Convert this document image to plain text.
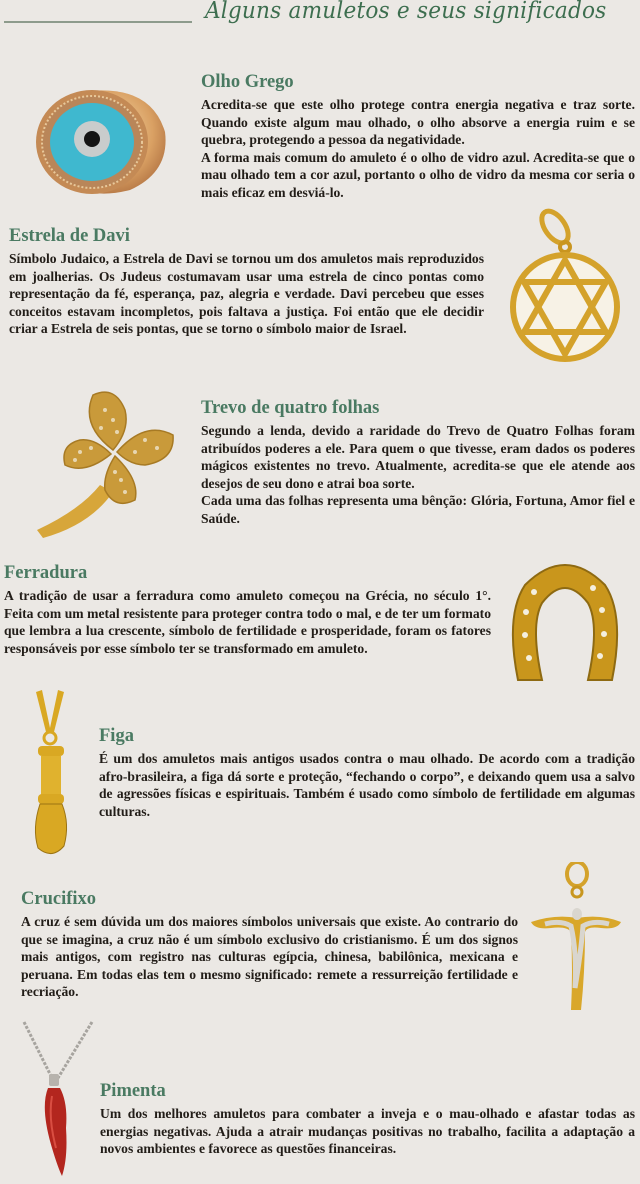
Alguns amuletos e seus significados
Olho Grego

Acredita-se que este olho protege contra energia negativa e traz sorte. Quando existe algum mau olhado, o olho absorve a energia ruim e se quebra, protegendo a pessoa da negatividade.

A forma mais comum do amuleto é o olho de vidro azul. Acredita-se que o mau olhado tem a cor azul, portanto o olho de vidro da mesma cor seria o mais eficaz em desviá-lo.

Estrela de Davi

Símbolo Judaico, a Estrela de Davi se tornou um dos amuletos mais reproduzidos em joalherias. Os Judeus costumavam usar uma estrela de cinco pontas como representação da fé, esperança, paz, alegria e verdade. Davi percebeu que esses conceitos estavam incompletos, pois faltava a justiça. Foi então que ele decidir criar a Estrela de seis pontas, que se torno o símbolo maior de Israel.

Trevo de quatro folhas

Segundo a lenda, devido a raridade do Trevo de Quatro Folhas foram atribuídos poderes a ele. Para quem o que tivesse, eram dados os poderes mágicos existentes no trevo. Atualmente, acredita-se que ele atende aos desejos de seu dono e atrai boa sorte.

Cada uma das folhas representa uma bênção: Glória, Fortuna, Amor fiel e Saúde.

Ferradura

A tradição de usar a ferradura como amuleto começou na Grécia, no século 1°. Feita com um metal resistente para proteger contra todo o mal, e de ter um formato que lembra a lua crescente, símbolo de fertilidade e prosperidade, foram os fatores responsáveis por esse símbolo ter se transformado em amuleto.

Figa

É um dos amuletos mais antigos usados contra o mau olhado. De acordo com a tradição afro-brasileira, a figa dá sorte e proteção, “fechando o corpo”, e deixando quem usa a salvo de agressões físicas e espirituais. Também é usado como símbolo de fertilidade em algumas culturas.

Crucifixo

A cruz é sem dúvida um dos maiores símbolos universais que existe. Ao contrario do que se imagina, a cruz não é um símbolo exclusivo do cristianismo. É um dos signos mais antigos, com registro nas culturas egípcia, chinesa, babilônica, mexicana e peruana. Em todas elas tem o mesmo significado: remete a ressurreição fertilidade e recriação.

Pimenta

Um dos melhores amuletos para combater a inveja e o mau-olhado e afastar todas as energias negativas. Ajuda a atrair mudanças positivas no trabalho, facilita a adaptação a novos ambientes e favorece as questões financeiras.
